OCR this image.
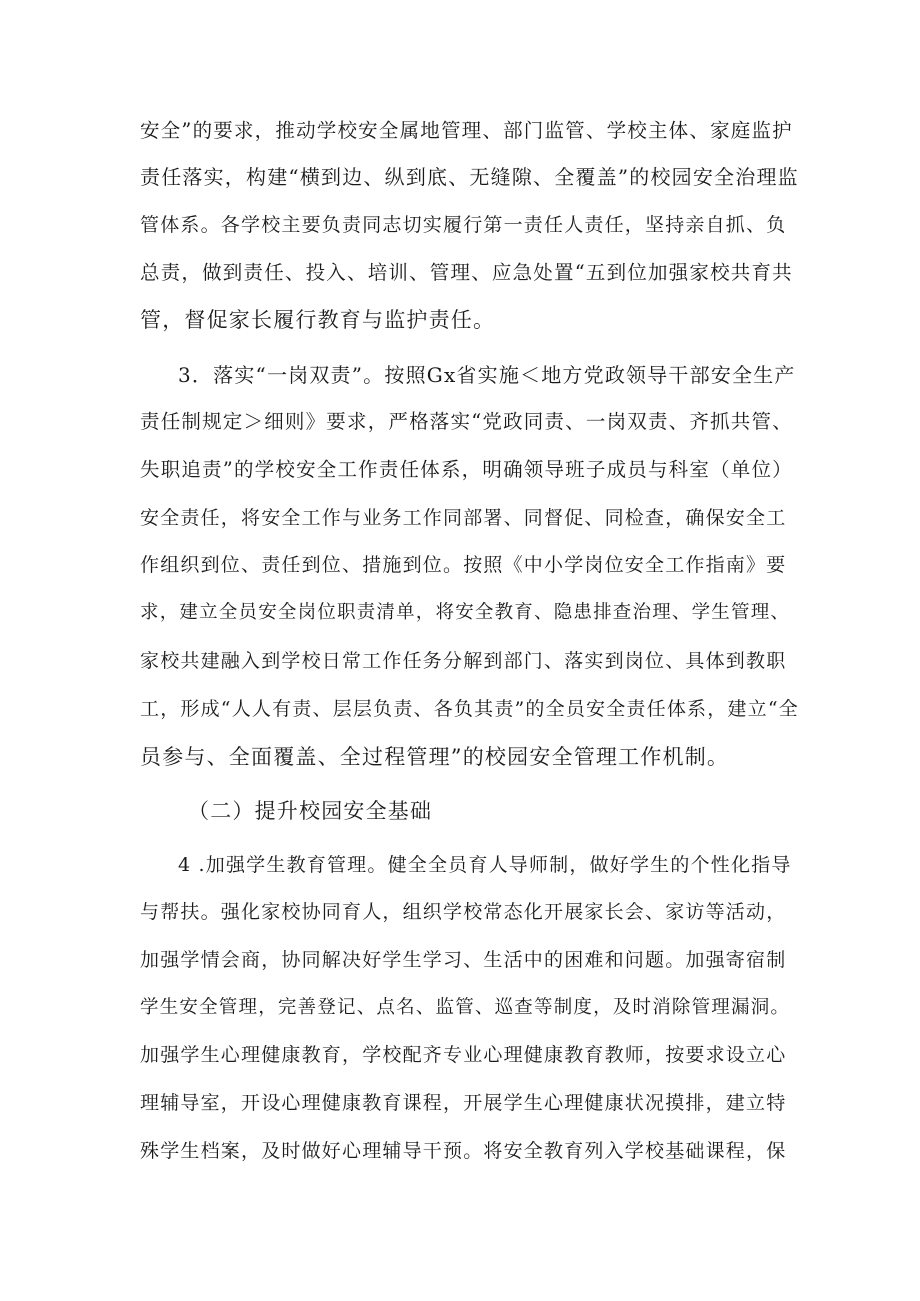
安全”的要求，推动学校安全属地管理、部门监管、学校主体、家庭监护
责任落实，构建“横到边、纵到底、无缝隙、全覆盖”的校园安全治理监
管体系。各学校主要负责同志切实履行第一责任人责任，坚持亲自抓、负
总责，做到责任、投入、培训、管理、应急处置“五到位加强家校共育共
管，督促家长履行教育与监护责任。
3．落实“一岗双责”。按照Gx省实施＜地方党政领导干部安全生产
责任制规定＞细则》要求，严格落实“党政同责、一岗双责、齐抓共管、
失职追责”的学校安全工作责任体系，明确领导班子成员与科室（单位）
安全责任，将安全工作与业务工作同部署、同督促、同检查，确保安全工
作组织到位、责任到位、措施到位。按照《中小学岗位安全工作指南》要
求，建立全员安全岗位职责清单，将安全教育、隐患排查治理、学生管理、
家校共建融入到学校日常工作任务分解到部门、落实到岗位、具体到教职
工，形成“人人有责、层层负责、各负其责”的全员安全责任体系，建立“全
员参与、全面覆盖、全过程管理”的校园安全管理工作机制。
（二）提升校园安全基础
4 .加强学生教育管理。健全全员育人导师制，做好学生的个性化指导
与帮扶。强化家校协同育人，组织学校常态化开展家长会、家访等活动，
加强学情会商，协同解决好学生学习、生活中的困难和问题。加强寄宿制
学生安全管理，完善登记、点名、监管、巡查等制度，及时消除管理漏洞。
加强学生心理健康教育，学校配齐专业心理健康教育教师，按要求设立心
理辅导室，开设心理健康教育课程，开展学生心理健康状况摸排，建立特
殊学生档案，及时做好心理辅导干预。将安全教育列入学校基础课程，保
